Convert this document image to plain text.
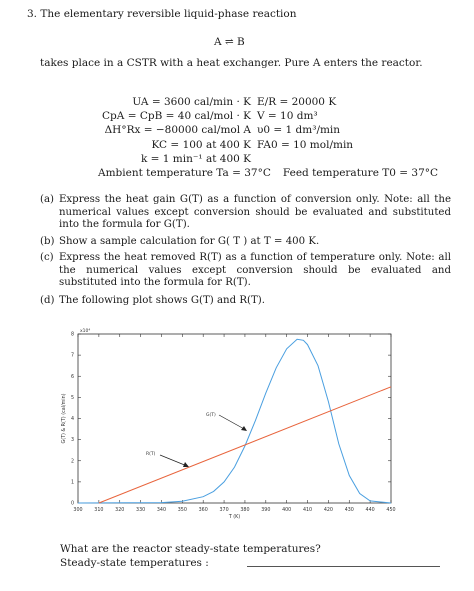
3. The elementary reversible liquid-phase reaction
A ⇌ B
takes place in a CSTR with a heat exchanger. Pure A enters the reactor.
UA = 3600 cal/min · K E/R = 20000 K
CpA = CpB = 40 cal/mol · K V = 10 dm³
ΔH°Rx = −80000 cal/mol A υ0 = 1 dm³/min
KC = 100 at 400 K FA0 = 10 mol/min
k = 1 min⁻¹ at 400 K
Ambient temperature Ta = 37°C	Feed temperature T0 = 37°C
(a) Express the heat gain G(T) as a function of conversion only. Note: all the numerical values except conversion should be evaluated and substituted into the formula for G(T).
(b) Show a sample calculation for G( T ) at T = 400 K.
(c) Express the heat removed R(T) as a function of temperature only. Note: all the numerical values except conversion should be evaluated and substituted into the formula for R(T).
(d) The following plot shows G(T) and R(T).
300 310 320 330 340 350 360 370 380 390 400 410 420 430 440 450
0
1
2
3
4
5
6
7
8
x10⁴
T (K)
G(T) & R(T) (cal/min)	G(T)
R(T)
What are the reactor steady-state temperatures?
Steady-state temperatures :
